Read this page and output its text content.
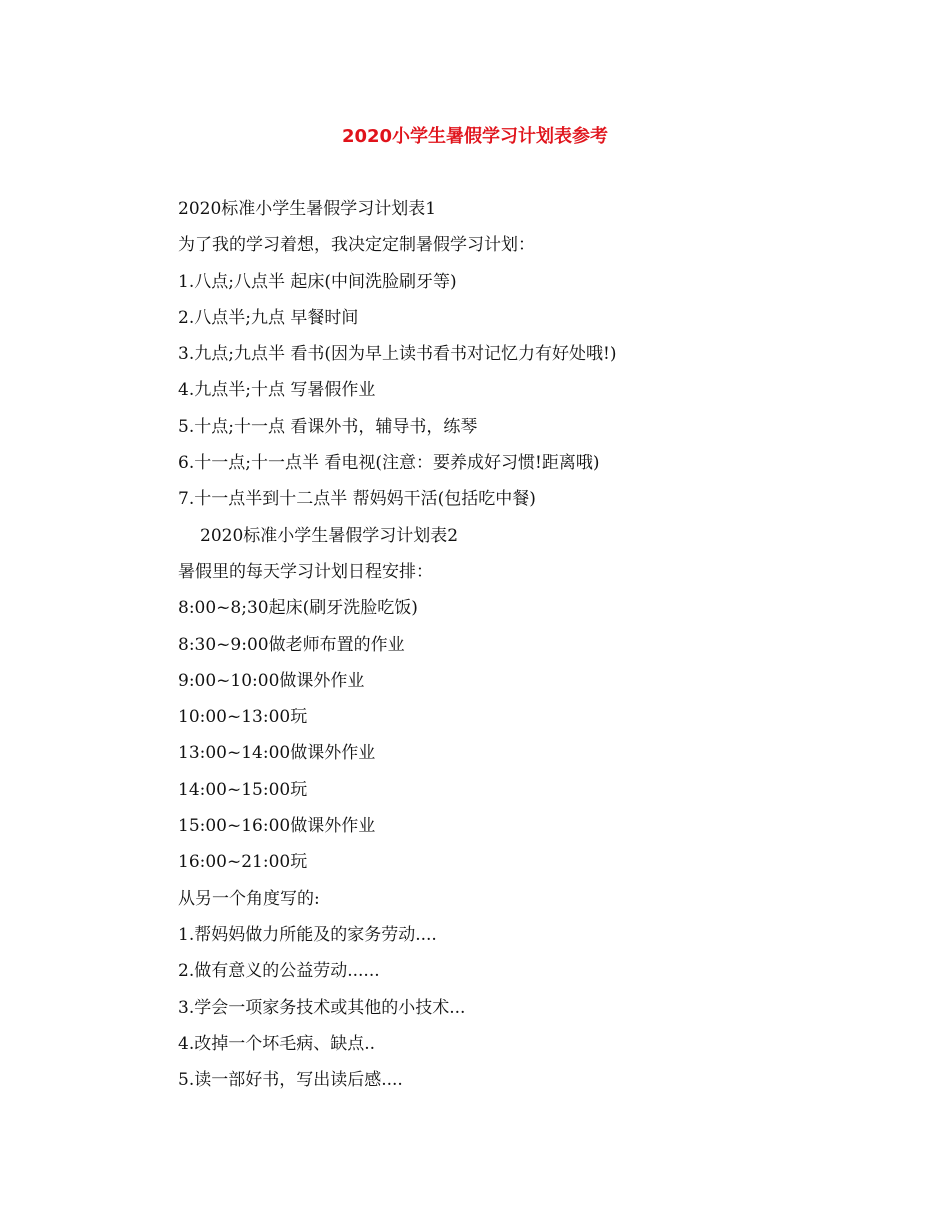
2020小学生暑假学习计划表参考
2020标准小学生暑假学习计划表1
为了我的学习着想，我决定定制暑假学习计划：
1.八点;八点半 起床(中间洗脸刷牙等)
2.八点半;九点 早餐时间
3.九点;九点半 看书(因为早上读书看书对记忆力有好处哦!)
4.九点半;十点 写暑假作业
5.十点;十一点 看课外书，辅导书，练琴
6.十一点;十一点半 看电视(注意：要养成好习惯!距离哦)
7.十一点半到十二点半 帮妈妈干活(包括吃中餐)
2020标准小学生暑假学习计划表2
暑假里的每天学习计划日程安排：
8:00~8;30起床(刷牙洗脸吃饭)
8:30~9:00做老师布置的作业
9:00~10:00做课外作业
10:00~13:00玩
13:00~14:00做课外作业
14:00~15:00玩
15:00~16:00做课外作业
16:00~21:00玩
从另一个角度写的:
1.帮妈妈做力所能及的家务劳动....
2.做有意义的公益劳动......
3.学会一项家务技术或其他的小技术...
4.改掉一个坏毛病、缺点..
5.读一部好书，写出读后感....
